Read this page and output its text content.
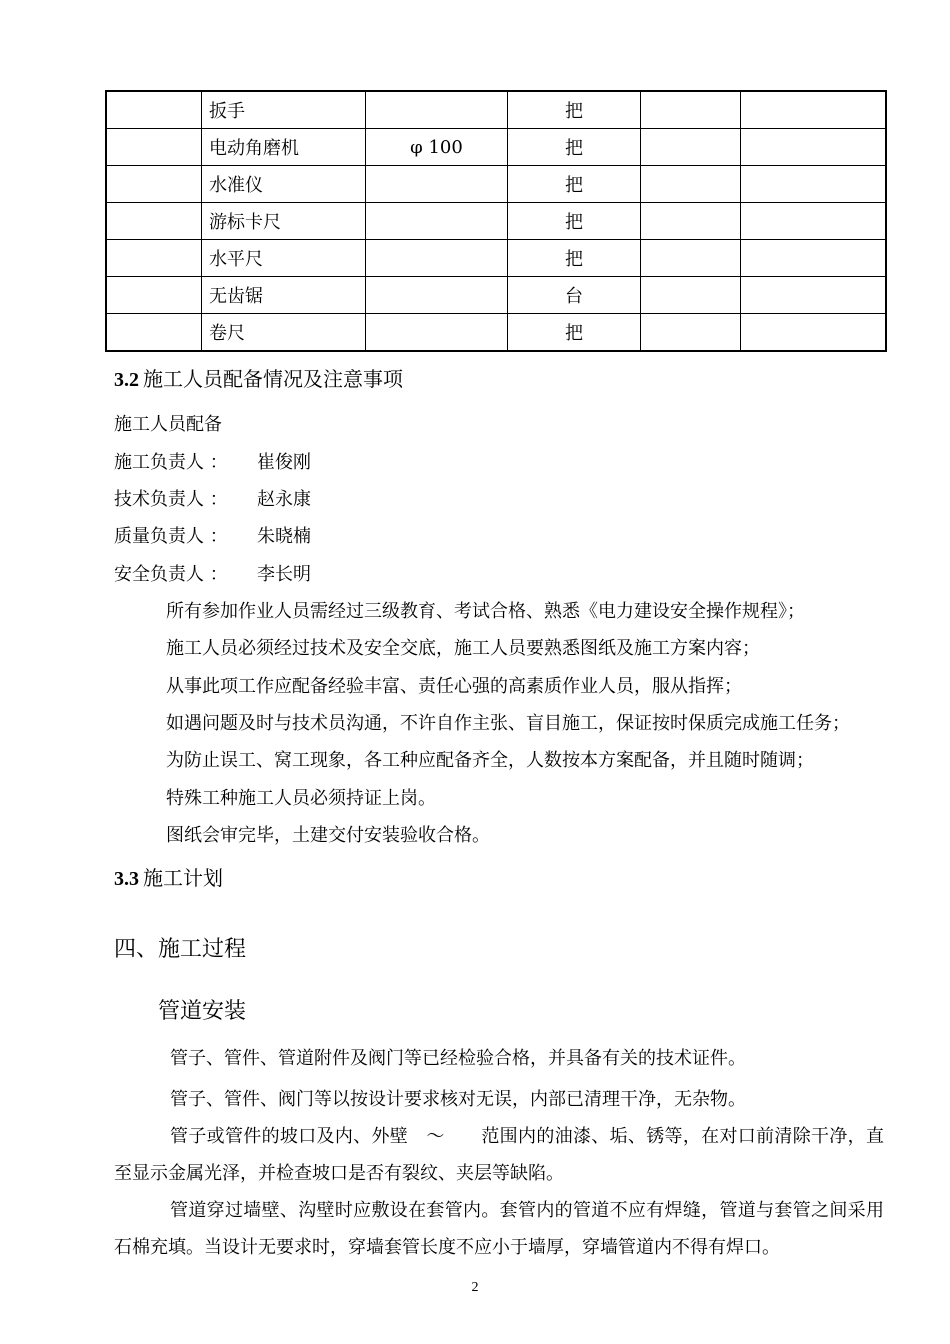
	扳手		把		
	电动角磨机	φ 100	把		
	水准仪		把		
	游标卡尺		把		
	水平尺		把		
	无齿锯		台		
	卷尺		把		
3.2 施工人员配备情况及注意事项
施工人员配备
施工负责人 ： 崔俊刚
技术负责人 ： 赵永康
质量负责人 ： 朱晓楠
安全负责人 ： 李长明
所有参加作业人员需经过三级教育、考试合格、熟悉《电力建设安全操作规程》；
施工人员必须经过技术及安全交底，施工人员要熟悉图纸及施工方案内容；
从事此项工作应配备经验丰富、责任心强的高素质作业人员，服从指挥；
如遇问题及时与技术员沟通，不许自作主张、盲目施工，保证按时保质完成施工任务；
为防止误工、窝工现象，各工种应配备齐全，人数按本方案配备，并且随时随调；
特殊工种施工人员必须持证上岗。
图纸会审完毕，土建交付安装验收合格。
3.3 施工计划
四、施工过程
管道安装
管子、管件、管道附件及阀门等已经检验合格，并具备有关的技术证件。
管子、管件、阀门等以按设计要求核对无误，内部已清理干净，无杂物。
管子或管件的坡口及内、外壁　～　　范围内的油漆、垢、锈等，在对口前清除干净，直至显示金属光泽，并检查坡口是否有裂纹、夹层等缺陷。
管道穿过墙壁、沟壁时应敷设在套管内。套管内的管道不应有焊缝，管道与套管之间采用石棉充填。当设计无要求时，穿墙套管长度不应小于墙厚，穿墙管道内不得有焊口。
2
